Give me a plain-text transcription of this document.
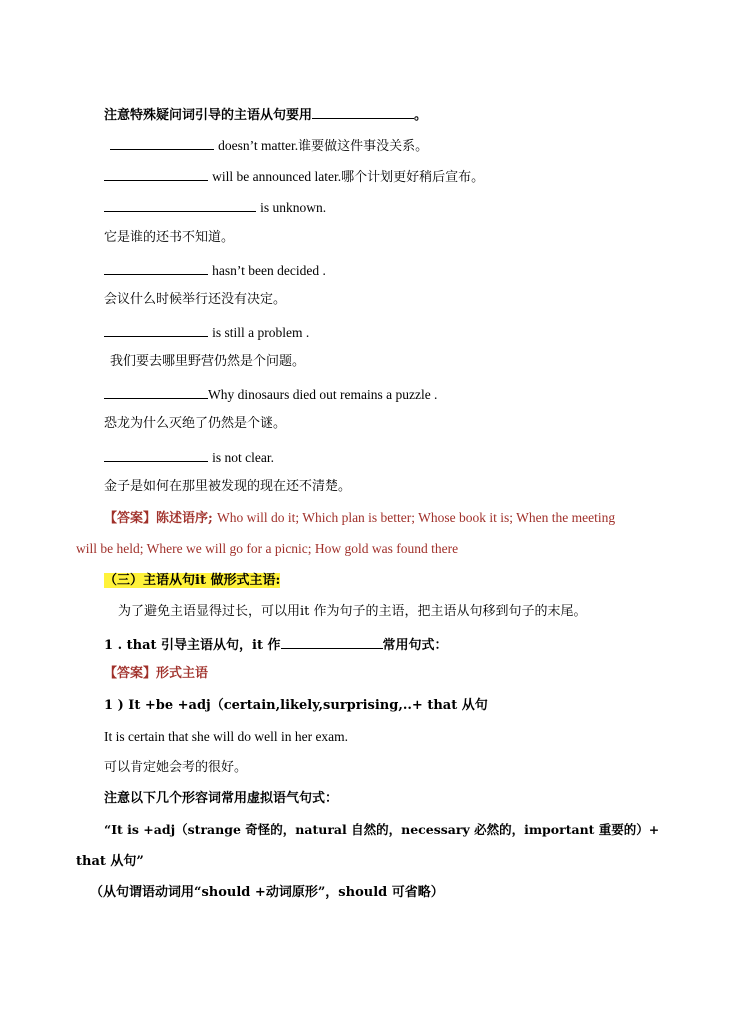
注意特殊疑问词引导的主语从句要用	。
doesn’t matter.谁要做这件事没关系。
will be announced later.哪个计划更好稍后宣布。
is unknown.
它是谁的还书不知道。
hasn’t been decided .
会议什么时候举行还没有决定。
is still a problem .
我们要去哪里野营仍然是个问题。
Why dinosaurs died out remains a puzzle .
恐龙为什么灭绝了仍然是个谜。
is not clear.
金子是如何在那里被发现的现在还不清楚。
【答案】陈述语序; Who will do it; Which plan is better; Whose book it is; When the meeting
will be held; Where we will go for a picnic; How gold was found there
（三）主语从句it 做形式主语:
为了避免主语显得过长，可以用it 作为句子的主语，把主语从句移到句子的末尾。
1 . that 引导主语从句，it 作	常用句式：
【答案】形式主语
1 ) It +be +adj（certain,likely,surprising,..+ that 从句
It is certain that she will do well in her exam.
可以肯定她会考的很好。
注意以下几个形容词常用虚拟语气句式：
“It is +adj（strange 奇怪的，natural 自然的，necessary 必然的，important 重要的）+
that 从句”
（从句谓语动词用“should +动词原形”，should 可省略）
